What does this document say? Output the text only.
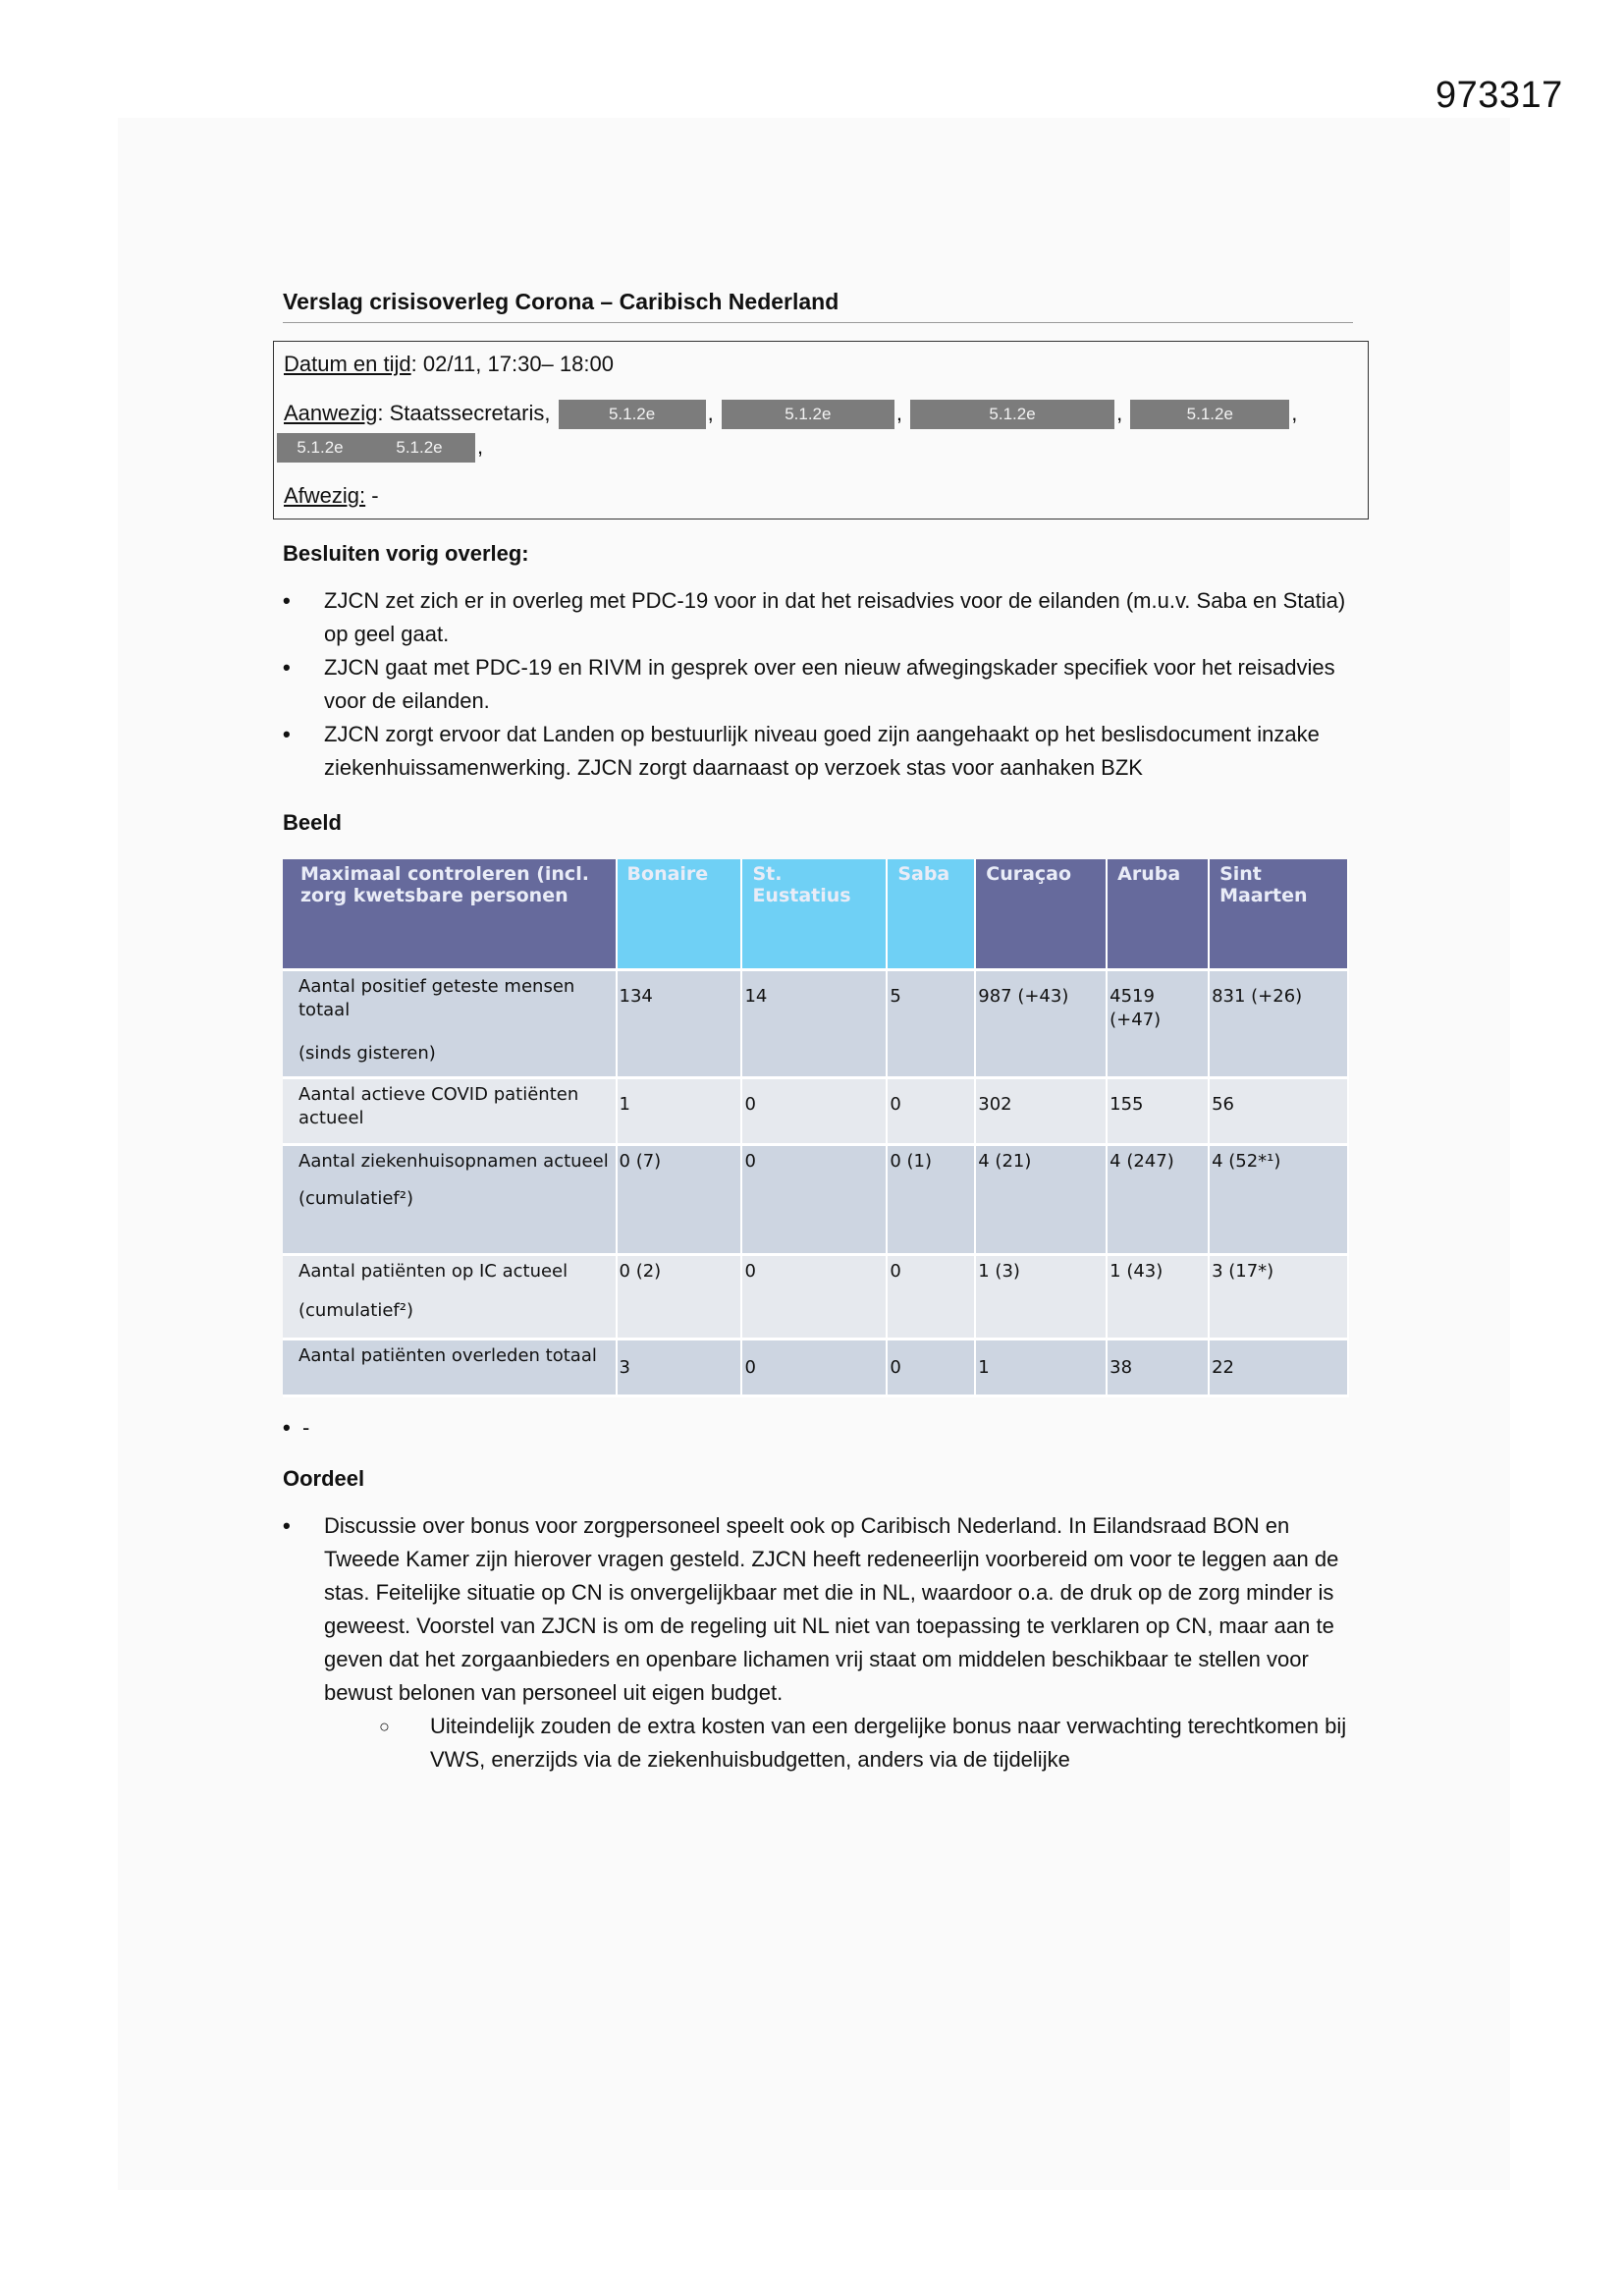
973317
Verslag crisisoverleg Corona – Caribisch Nederland
Datum en tijd: 02/11, 17:30– 18:00
Aanwezig: Staatssecretaris,	5.1.2e ,	5.1.2e	,	5.1.2e	,	5.1.2e	,
5.1.2e	5.1.2e ,
Afwezig: -
Besluiten vorig overleg:
• ZJCN zet zich er in overleg met PDC-19 voor in dat het reisadvies voor de eilanden (m.u.v. Saba en Statia) op geel gaat.
• ZJCN gaat met PDC-19 en RIVM in gesprek over een nieuw afwegingskader specifiek voor het reisadvies voor de eilanden.
• ZJCN zorgt ervoor dat Landen op bestuurlijk niveau goed zijn aangehaakt op het beslisdocument inzake ziekenhuissamenwerking. ZJCN zorgt daarnaast op verzoek stas voor aanhaken BZK
Beeld
Maximaal controleren (incl. zorg kwetsbare personen	Bonaire	St. Eustatius	Saba	Curaçao	Aruba	Sint Maarten
Aantal positief geteste mensen totaal
(sinds gisteren)	134	14	5	987 (+43)	4519 (+47)	831 (+26)
Aantal actieve COVID patiënten actueel	1	0	0	302	155	56
Aantal ziekenhuisopnamen actueel
(cumulatief²)	0 (7)	0	0 (1)	4 (21)	4 (247)	4 (52*¹)
Aantal patiënten op IC actueel
(cumulatief²)	0 (2)	0	0	1 (3)	1 (43)	3 (17*)
Aantal patiënten overleden totaal	3	0	0	1	38	22
• -
Oordeel
• Discussie over bonus voor zorgpersoneel speelt ook op Caribisch Nederland. In Eilandsraad BON en Tweede Kamer zijn hierover vragen gesteld. ZJCN heeft redeneerlijn voorbereid om voor te leggen aan de stas. Feitelijke situatie op CN is onvergelijkbaar met die in NL, waardoor o.a. de druk op de zorg minder is geweest. Voorstel van ZJCN is om de regeling uit NL niet van toepassing te verklaren op CN, maar aan te geven dat het zorgaanbieders en openbare lichamen vrij staat om middelen beschikbaar te stellen voor bewust belonen van personeel uit eigen budget.
○ Uiteindelijk zouden de extra kosten van een dergelijke bonus naar verwachting terechtkomen bij VWS, enerzijds via de ziekenhuisbudgetten, anders via de tijdelijke
